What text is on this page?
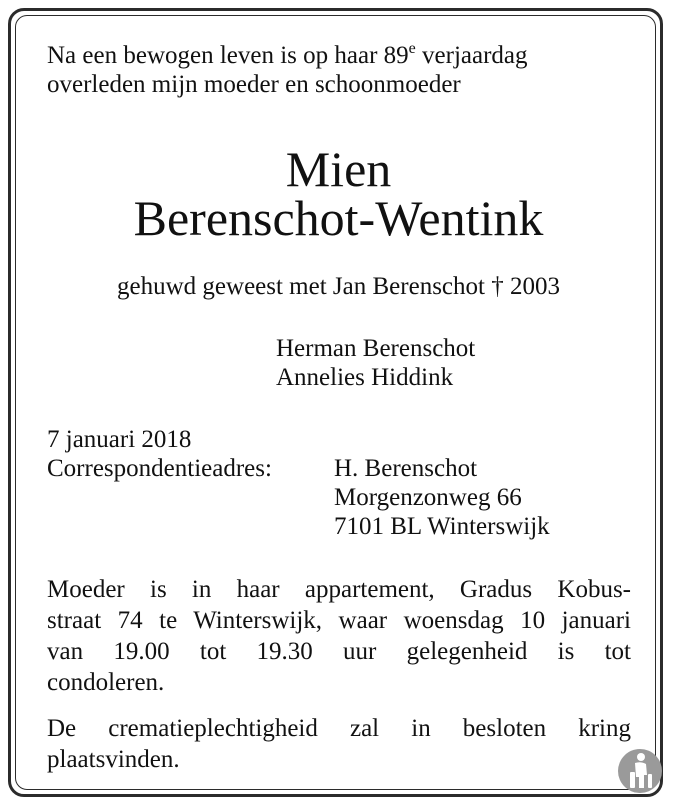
Na een bewogen leven is op haar 89e verjaardag
overleden mijn moeder en schoonmoeder
Mien
Berenschot-Wentink
gehuwd geweest met Jan Berenschot † 2003
Herman Berenschot
Annelies Hiddink
7 januari 2018
Correspondentieadres: H. Berenschot
Morgenzonweg 66
7101 BL Winterswijk
Moeder is in haar appartement, Gradus Kobus-
straat 74 te Winterswijk, waar woensdag 10 januari
van 19.00 tot 19.30 uur gelegenheid is tot
condoleren.
De crematieplechtigheid zal in besloten kring
plaatsvinden.
